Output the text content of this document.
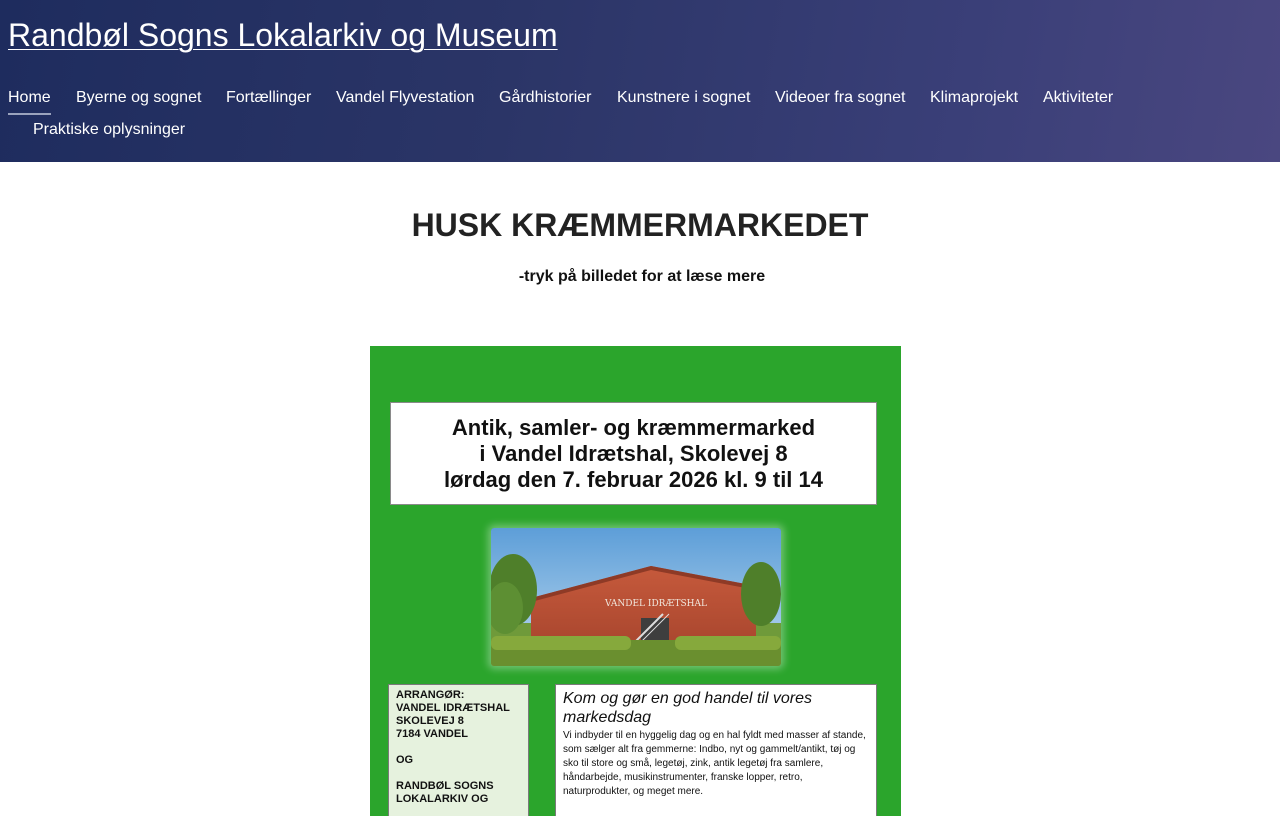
Randbøl Sogns Lokalarkiv og Museum
Home Byerne og sognet Fortællinger Vandel Flyvestation Gårdhistorier Kunstnere i sognet Videoer fra sognet Klimaprojekt Aktiviteter
Praktiske oplysninger
HUSK KRÆMMERMARKEDET

-tryk på billedet for at læse mere

Antik, samler- og kræmmermarked
i Vandel Idrætshal, Skolevej 8
lørdag den 7. februar 2026 kl. 9 til 14
VANDEL IDRÆTSHAL
ARRANGØR:
VANDEL IDRÆTSHAL
SKOLEVEJ 8
7184 VANDEL
OG
RANDBØL SOGNS
LOKALARKIV OG
Kom og gør en god handel til vores markedsdag
Vi indbyder til en hyggelig dag og en hal fyldt med masser af stande, som sælger alt fra gemmerne: Indbo, nyt og gammelt/antikt, tøj og sko til store og små, legetøj, zink, antik legetøj fra samlere, håndarbejde, musikinstrumenter, franske lopper, retro, naturprodukter, og meget mere.
